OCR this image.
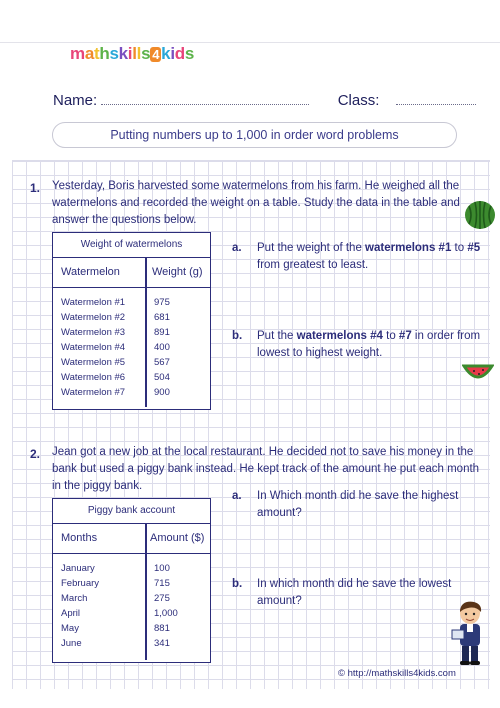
mathskills 4 kids
Name:	Class:
Putting numbers up to 1,000 in order word problems
1. Yesterday, Boris harvested some watermelons from his farm. He weighed all the
watermelons and recorded the weight on a table. Study the data in the table and
answer the questions below.
Weight of watermelons
Watermelon	Weight (g)
Watermelon #1	975
Watermelon #2	681
Watermelon #3	891
Watermelon #4	400
Watermelon #5	567
Watermelon #6	504
Watermelon #7	900
a. Put the weight of the watermelons #1 to #5
from greatest to least.
b. Put the watermelons #4 to #7 in order from
lowest to highest weight.
2. Jean got a new job at the local restaurant. He decided not to save his money in the
bank but used a piggy bank instead. He kept track of the amount he put each month
in the piggy bank.
Piggy bank account
Months	Amount ($)
January	100
February	715
March	275
April	1,000
May	881
June	341
a. In Which month did he save the highest
amount?
b. In which month did he save the lowest
amount?
© http://mathskills4kids.com
